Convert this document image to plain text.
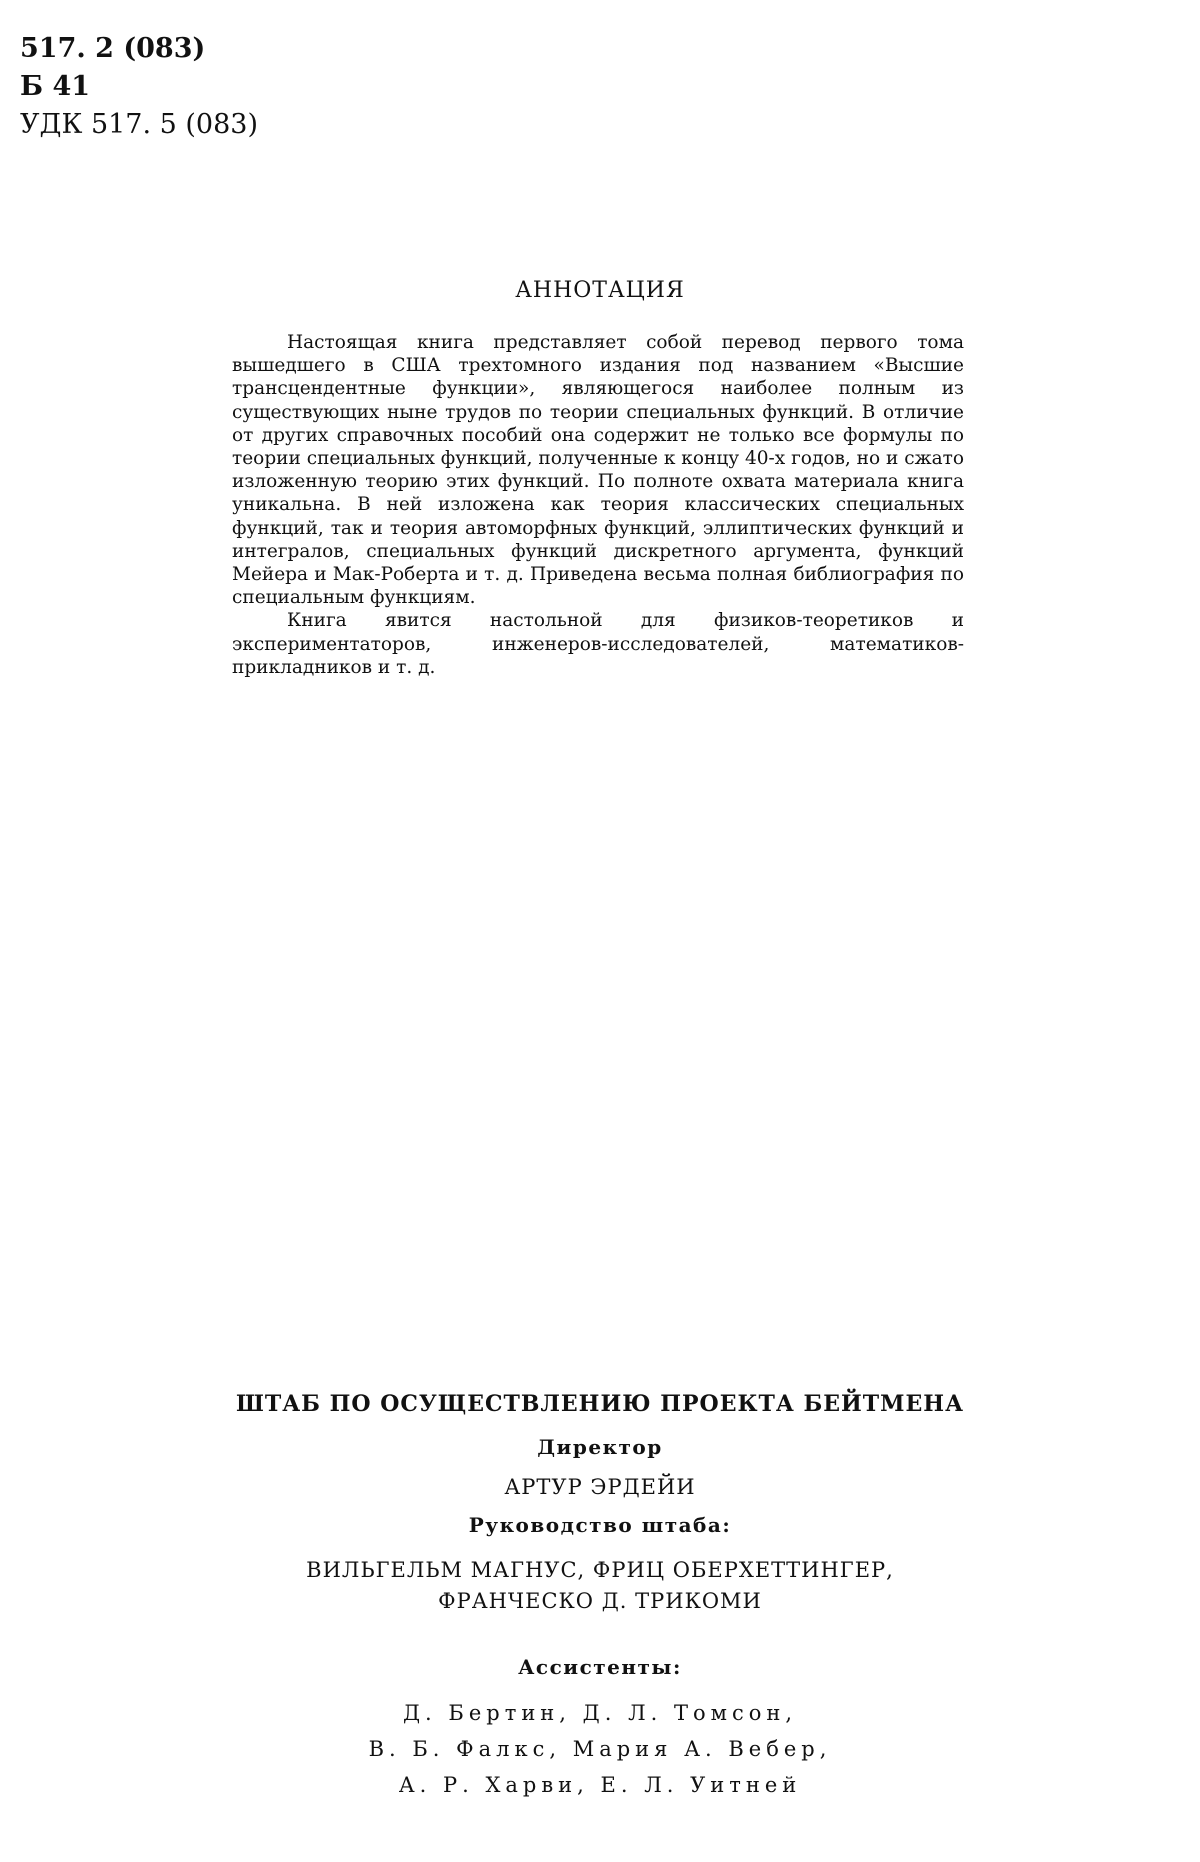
517. 2 (083)
Б 41
УДК 517. 5 (083)
АННОТАЦИЯ

Настоящая книга представляет собой перевод первого тома вышедшего в США трехтомного издания под названием «Высшие трансцендентные функции», являющегося наиболее полным из существующих ныне трудов по теории специальных функций. В отличие от других справочных пособий она содержит не только все формулы по теории специальных функций, полученные к концу 40-х годов, но и сжато изложенную теорию этих функций. По полноте охвата материала книга уникальна. В ней изложена как теория классических специальных функций, так и теория автоморфных функций, эллиптических функций и интегралов, специальных функций дискретного аргумента, функций Мейера и Мак-Роберта и т. д. Приведена весьма полная библиография по специальным функциям.

Книга явится настольной для физиков-теоретиков и экспериментаторов, инженеров-исследователей, математиков-прикладников и т. д.

ШТАБ ПО ОСУЩЕСТВЛЕНИЮ ПРОЕКТА БЕЙТМЕНА

Директор

АРТУР ЭРДЕЙИ

Руководство штаба:

ВИЛЬГЕЛЬМ МАГНУС, ФРИЦ ОБЕРХЕТТИНГЕР,
ФРАНЧЕСКО Д. ТРИКОМИ

Ассистенты:

Д. Бертин, Д. Л. Томсон,

В. Б. Фалкс, Мария А. Вебер,

А. Р. Харви, Е. Л. Уитней
